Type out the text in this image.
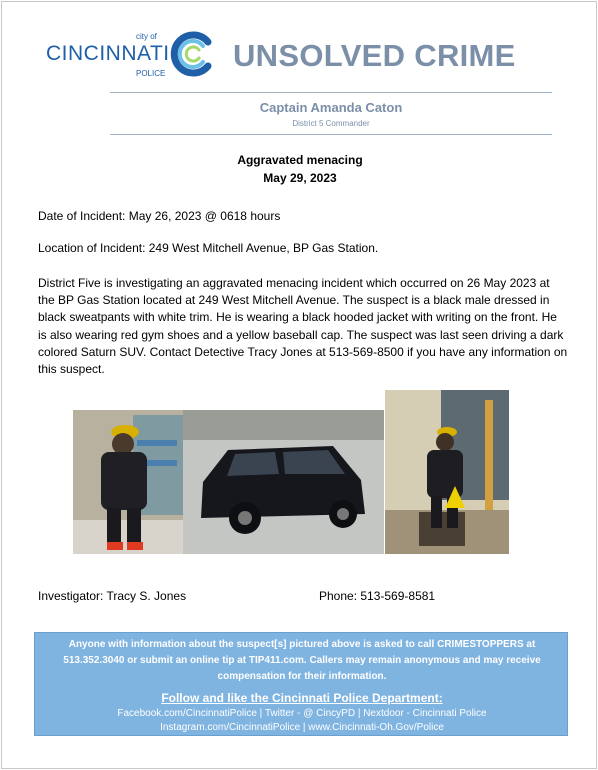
city of
CINCINNATI
POLICE
UNSOLVED CRIME
Captain Amanda Caton
District 5 Commander
Aggravated menacing
May 29, 2023
Date of Incident: May 26, 2023 @ 0618 hours
Location of Incident: 249 West Mitchell Avenue, BP Gas Station.
District Five is investigating an aggravated menacing incident which occurred on 26 May 2023 at the BP Gas Station located at 249 West Mitchell Avenue. The suspect is a black male dressed in black sweatpants with white trim. He is wearing a black hooded jacket with writing on the front. He is also wearing red gym shoes and a yellow baseball cap. The suspect was last seen driving a dark colored Saturn SUV. Contact Detective Tracy Jones at 513-569-8500 if you have any information on this suspect.
Investigator: Tracy S. Jones	Phone: 513-569-8581
Anyone with information about the suspect[s] pictured above is asked to call CRIMESTOPPERS at 513.352.3040 or submit an online tip at TIP411.com. Callers may remain anonymous and may receive compensation for their information.
Follow and like the Cincinnati Police Department:
Facebook.com/CincinnatiPolice | Twitter - @ CincyPD | Nextdoor - Cincinnati Police
Instagram.com/CincinnatiPolice | www.Cincinnati-Oh.Gov/Police
